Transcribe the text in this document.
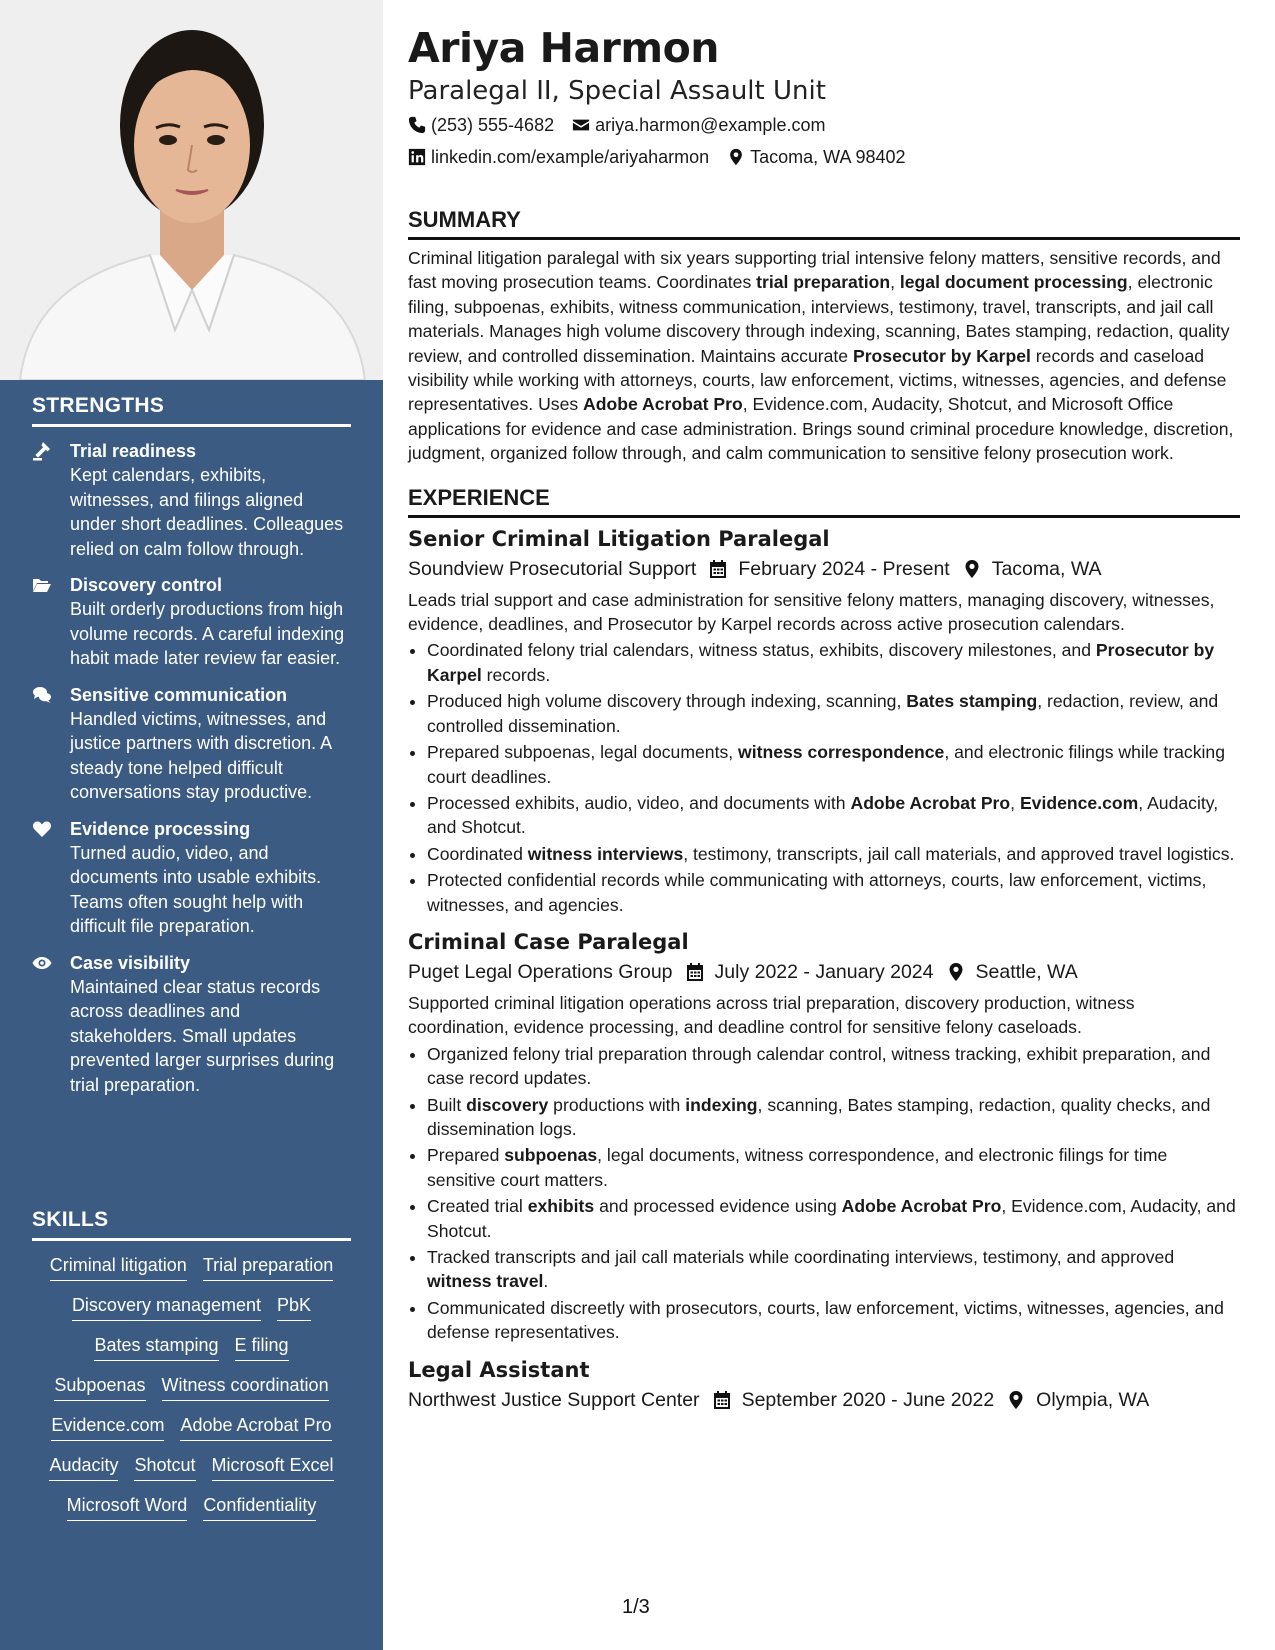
STRENGTHS
Trial readiness
Kept calendars, exhibits, witnesses, and filings aligned under short deadlines. Colleagues relied on calm follow through.
Discovery control
Built orderly productions from high volume records. A careful indexing habit made later review far easier.
Sensitive communication
Handled victims, witnesses, and justice partners with discretion. A steady tone helped difficult conversations stay productive.
Evidence processing
Turned audio, video, and documents into usable exhibits. Teams often sought help with difficult file preparation.
Case visibility
Maintained clear status records across deadlines and stakeholders. Small updates prevented larger surprises during trial preparation.
SKILLS
Criminal litigation Trial preparation
Discovery management PbK
Bates stamping E filing
Subpoenas Witness coordination
Evidence.com Adobe Acrobat Pro
Audacity Shotcut Microsoft Excel
Microsoft Word Confidentiality
Ariya Harmon
Paralegal II, Special Assault Unit
(253) 555-4682 ariya.harmon@example.com
linkedin.com/example/ariyaharmon Tacoma, WA 98402
SUMMARY
Criminal litigation paralegal with six years supporting trial intensive felony matters, sensitive records, and fast moving prosecution teams. Coordinates trial preparation, legal document processing, electronic filing, subpoenas, exhibits, witness communication, interviews, testimony, travel, transcripts, and jail call materials. Manages high volume discovery through indexing, scanning, Bates stamping, redaction, quality review, and controlled dissemination. Maintains accurate Prosecutor by Karpel records and caseload visibility while working with attorneys, courts, law enforcement, victims, witnesses, agencies, and defense representatives. Uses Adobe Acrobat Pro, Evidence.com, Audacity, Shotcut, and Microsoft Office applications for evidence and case administration. Brings sound criminal procedure knowledge, discretion, judgment, organized follow through, and calm communication to sensitive felony prosecution work.
EXPERIENCE
Senior Criminal Litigation Paralegal
Soundview Prosecutorial Support February 2024 - Present Tacoma, WA
Leads trial support and case administration for sensitive felony matters, managing discovery, witnesses, evidence, deadlines, and Prosecutor by Karpel records across active prosecution calendars.
• Coordinated felony trial calendars, witness status, exhibits, discovery milestones, and Prosecutor by Karpel records.
• Produced high volume discovery through indexing, scanning, Bates stamping, redaction, review, and controlled dissemination.
• Prepared subpoenas, legal documents, witness correspondence, and electronic filings while tracking court deadlines.
• Processed exhibits, audio, video, and documents with Adobe Acrobat Pro, Evidence.com, Audacity, and Shotcut.
• Coordinated witness interviews, testimony, transcripts, jail call materials, and approved travel logistics.
• Protected confidential records while communicating with attorneys, courts, law enforcement, victims, witnesses, and agencies.
Criminal Case Paralegal
Puget Legal Operations Group July 2022 - January 2024 Seattle, WA
Supported criminal litigation operations across trial preparation, discovery production, witness coordination, evidence processing, and deadline control for sensitive felony caseloads.
• Organized felony trial preparation through calendar control, witness tracking, exhibit preparation, and case record updates.
• Built discovery productions with indexing, scanning, Bates stamping, redaction, quality checks, and dissemination logs.
• Prepared subpoenas, legal documents, witness correspondence, and electronic filings for time sensitive court matters.
• Created trial exhibits and processed evidence using Adobe Acrobat Pro, Evidence.com, Audacity, and Shotcut.
• Tracked transcripts and jail call materials while coordinating interviews, testimony, and approved witness travel.
• Communicated discreetly with prosecutors, courts, law enforcement, victims, witnesses, agencies, and defense representatives.
Legal Assistant
Northwest Justice Support Center September 2020 - June 2022 Olympia, WA
1/3
